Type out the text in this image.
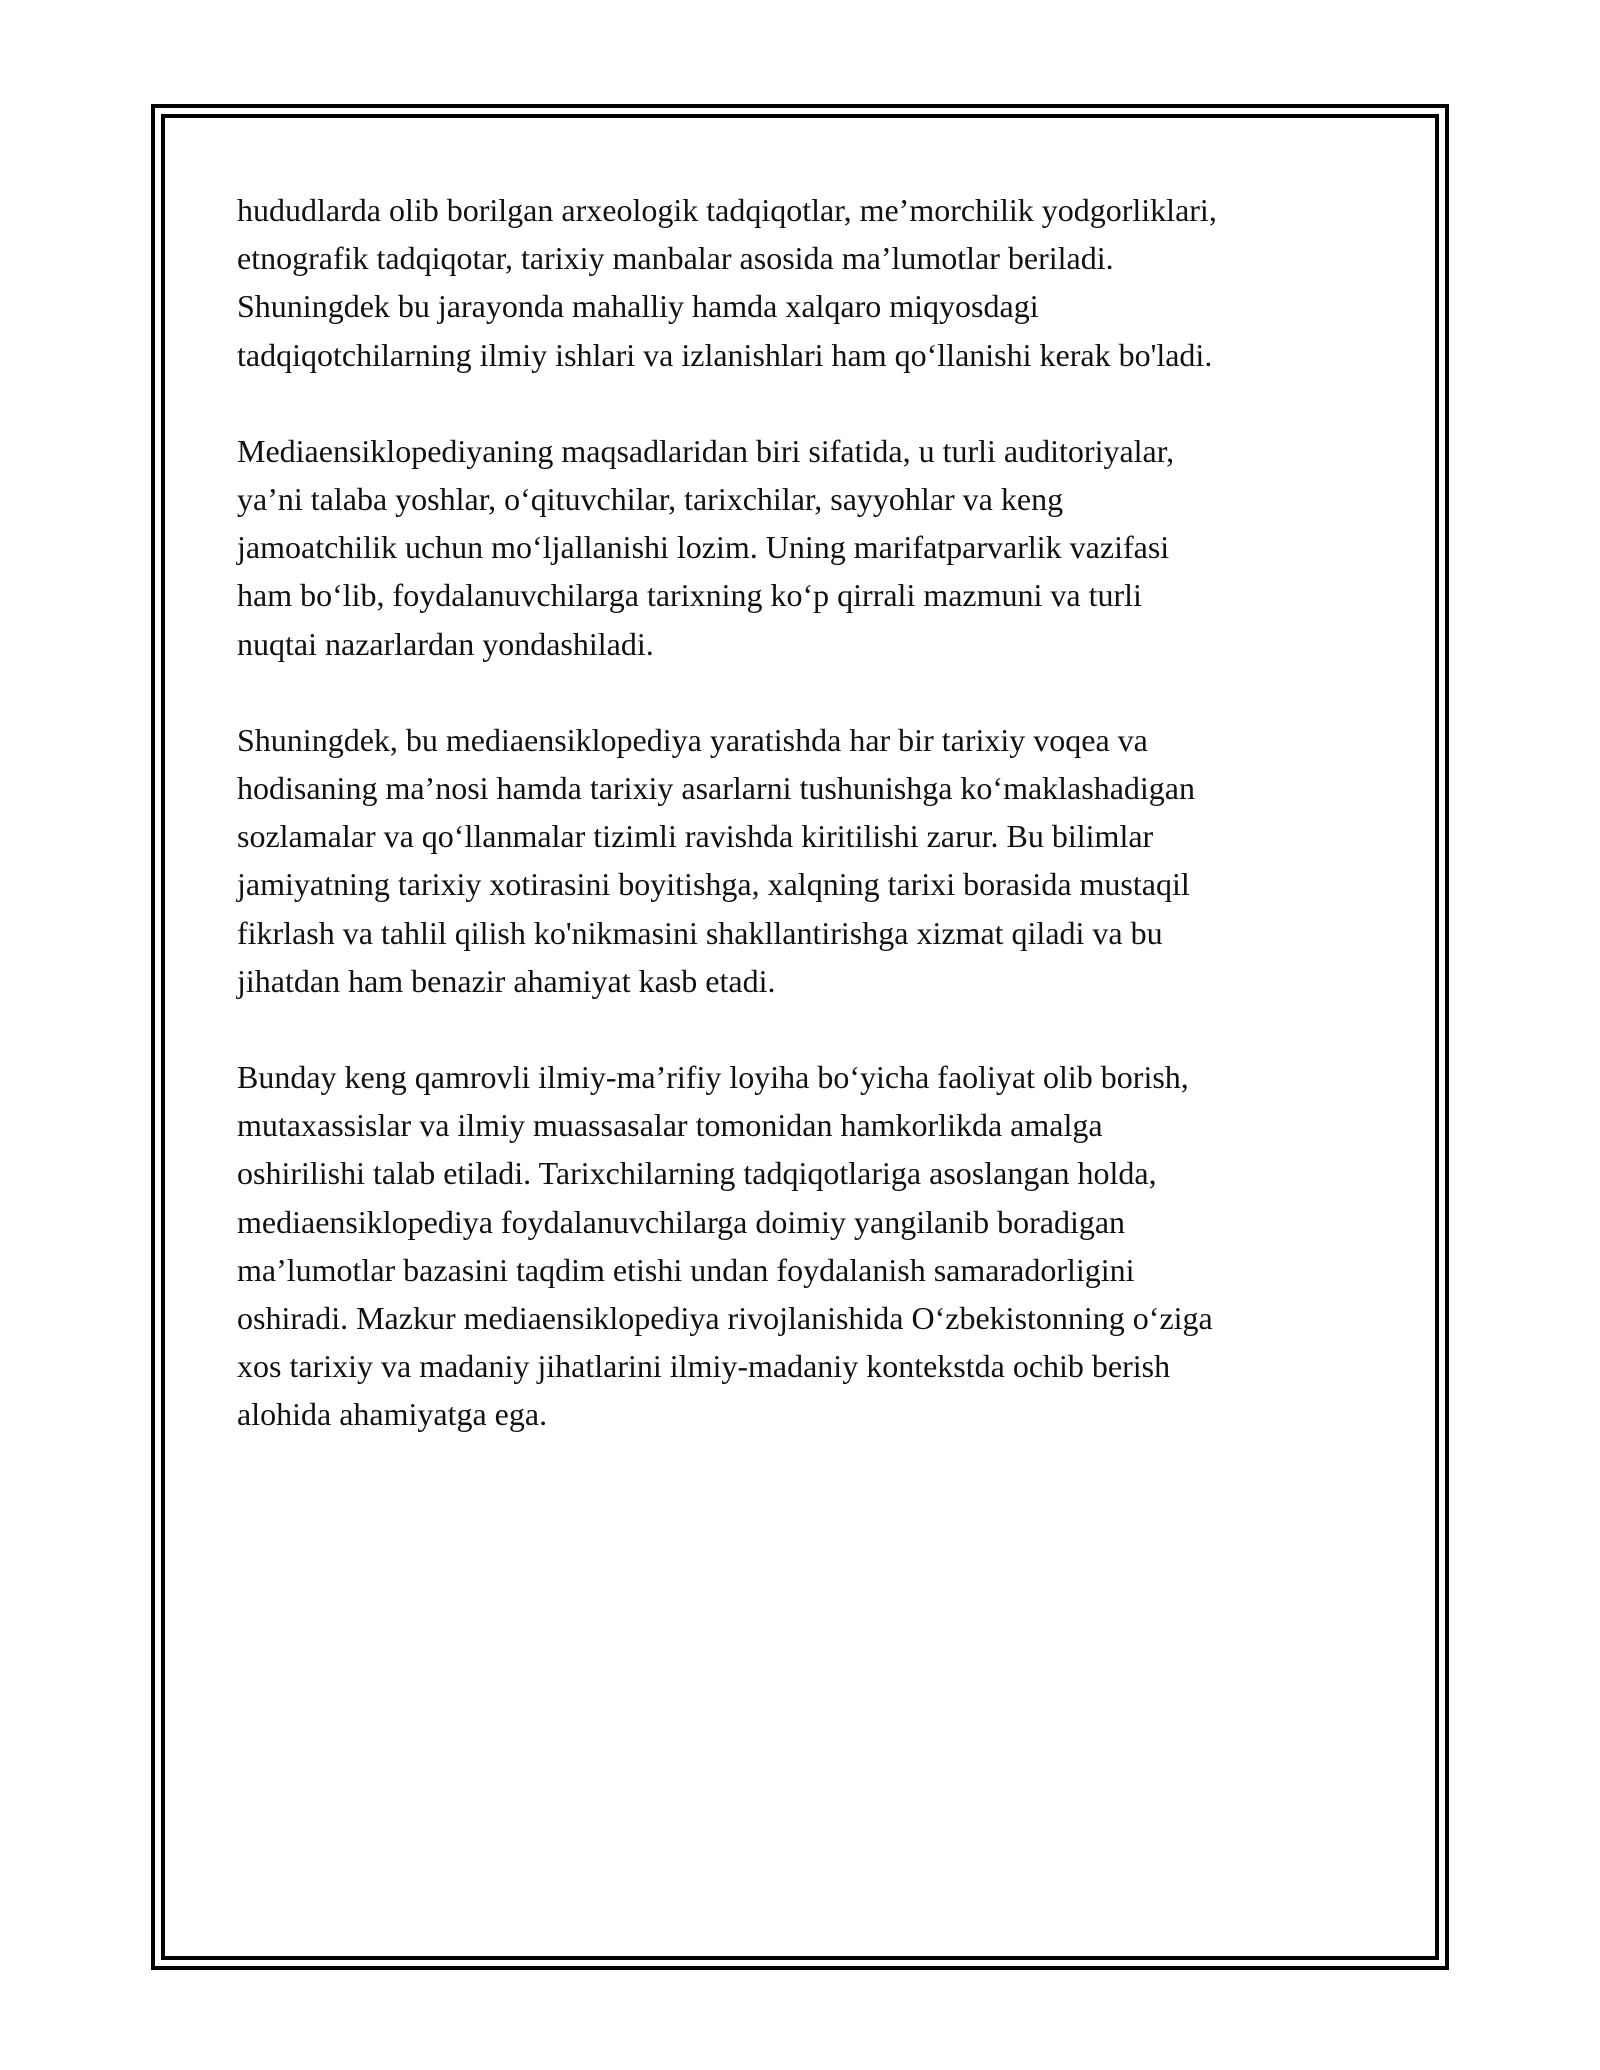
hududlarda olib borilgan arxeologik tadqiqotlar, me’morchilik yodgorliklari,
etnografik tadqiqotar, tarixiy manbalar asosida ma’lumotlar beriladi.
Shuningdek bu jarayonda mahalliy hamda xalqaro miqyosdagi
tadqiqotchilarning ilmiy ishlari va izlanishlari ham qo‘llanishi kerak bo'ladi.

Mediaensiklopediyaning maqsadlaridan biri sifatida, u turli auditoriyalar,
ya’ni talaba yoshlar, o‘qituvchilar, tarixchilar, sayyohlar va keng
jamoatchilik uchun mo‘ljallanishi lozim. Uning marifatparvarlik vazifasi
ham bo‘lib, foydalanuvchilarga tarixning ko‘p qirrali mazmuni va turli
nuqtai nazarlardan yondashiladi.

Shuningdek, bu mediaensiklopediya yaratishda har bir tarixiy voqea va
hodisaning ma’nosi hamda tarixiy asarlarni tushunishga ko‘maklashadigan
sozlamalar va qo‘llanmalar tizimli ravishda kiritilishi zarur. Bu bilimlar
jamiyatning tarixiy xotirasini boyitishga, xalqning tarixi borasida mustaqil
fikrlash va tahlil qilish ko'nikmasini shakllantirishga xizmat qiladi va bu
jihatdan ham benazir ahamiyat kasb etadi.

Bunday keng qamrovli ilmiy-ma’rifiy loyiha bo‘yicha faoliyat olib borish,
mutaxassislar va ilmiy muassasalar tomonidan hamkorlikda amalga
oshirilishi talab etiladi. Tarixchilarning tadqiqotlariga asoslangan holda,
mediaensiklopediya foydalanuvchilarga doimiy yangilanib boradigan
ma’lumotlar bazasini taqdim etishi undan foydalanish samaradorligini
oshiradi. Mazkur mediaensiklopediya rivojlanishida O‘zbekistonning o‘ziga
xos tarixiy va madaniy jihatlarini ilmiy-madaniy kontekstda ochib berish
alohida ahamiyatga ega.
